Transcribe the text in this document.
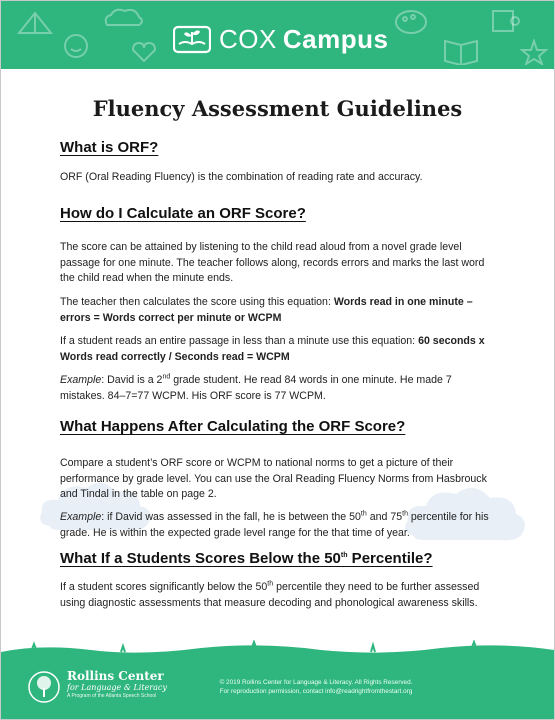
COX Campus
Fluency Assessment Guidelines
What is ORF?
ORF (Oral Reading Fluency) is the combination of reading rate and accuracy.
How do I Calculate an ORF Score?
The score can be attained by listening to the child read aloud from a novel grade level passage for one minute. The teacher follows along, records errors and marks the last word the child read when the minute ends.
The teacher then calculates the score using this equation: Words read in one minute – errors = Words correct per minute or WCPM
If a student reads an entire passage in less than a minute use this equation: 60 seconds x Words read correctly / Seconds read = WCPM
Example: David is a 2nd grade student. He read 84 words in one minute. He made 7 mistakes. 84–7=77 WCPM. His ORF score is 77 WCPM.
What Happens After Calculating the ORF Score?
Compare a student’s ORF score or WCPM to national norms to get a picture of their performance by grade level. You can use the Oral Reading Fluency Norms from Hasbrouck and Tindal in the table on page 2.
Example: if David was assessed in the fall, he is between the 50th and 75th percentile for his grade. He is within the expected grade level range for the that time of year.
What If a Students Scores Below the 50th Percentile?
If a student scores significantly below the 50th percentile they need to be further assessed using diagnostic assessments that measure decoding and phonological awareness skills.
Rollins Center
for Language & Literacy
A Program of the Atlanta Speech School
© 2019 Rollins Center for Language & Literacy. All Rights Reserved.
For reproduction permission, contact info@readrightfromthestart.org
